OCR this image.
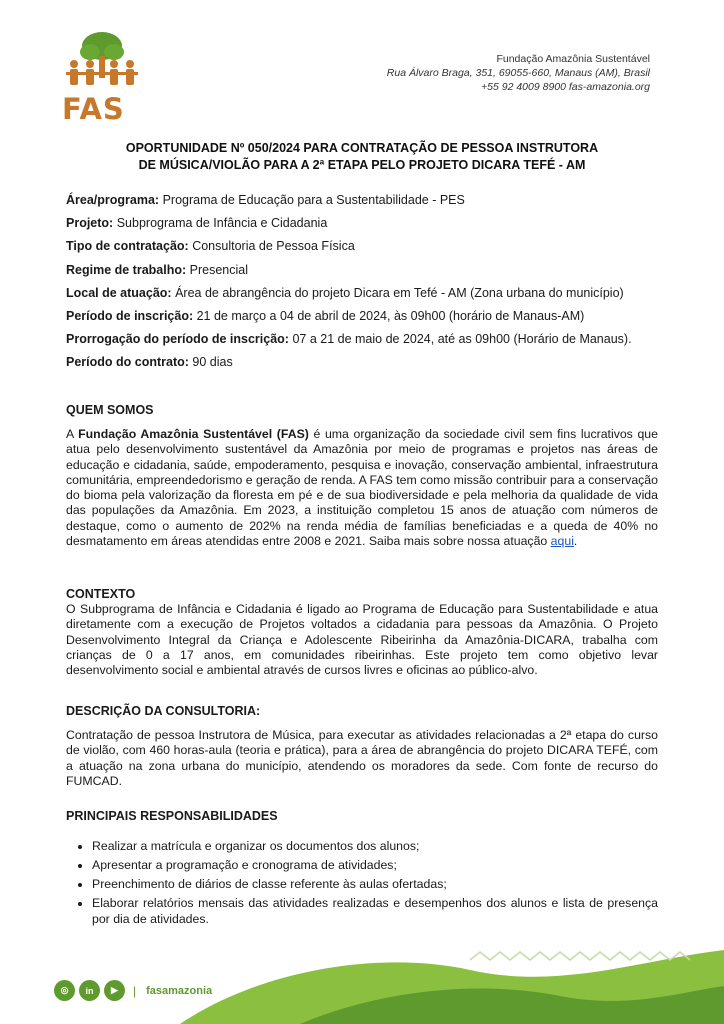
FAS
Fundação Amazônia Sustentável
Rua Álvaro Braga, 351, 69055-660, Manaus (AM), Brasil
+55 92 4009 8900 fas-amazonia.org
OPORTUNIDADE Nº 050/2024 PARA CONTRATAÇÃO DE PESSOA INSTRUTORA
DE MÚSICA/VIOLÃO PARA A 2ª ETAPA PELO PROJETO DICARA TEFÉ - AM
Área/programa: Programa de Educação para a Sustentabilidade - PES
Projeto: Subprograma de Infância e Cidadania
Tipo de contratação: Consultoria de Pessoa Física
Regime de trabalho: Presencial
Local de atuação: Área de abrangência do projeto Dicara em Tefé - AM (Zona urbana do município)
Período de inscrição: 21 de março a 04 de abril de 2024, às 09h00 (horário de Manaus-AM)
Prorrogação do período de inscrição: 07 a 21 de maio de 2024, até as 09h00 (Horário de Manaus).
Período do contrato: 90 dias
QUEM SOMOS
A Fundação Amazônia Sustentável (FAS) é uma organização da sociedade civil sem fins lucrativos que atua pelo desenvolvimento sustentável da Amazônia por meio de programas e projetos nas áreas de educação e cidadania, saúde, empoderamento, pesquisa e inovação, conservação ambiental, infraestrutura comunitária, empreendedorismo e geração de renda. A FAS tem como missão contribuir para a conservação do bioma pela valorização da floresta em pé e de sua biodiversidade e pela melhoria da qualidade de vida das populações da Amazônia. Em 2023, a instituição completou 15 anos de atuação com números de destaque, como o aumento de 202% na renda média de famílias beneficiadas e a queda de 40% no desmatamento em áreas atendidas entre 2008 e 2021. Saiba mais sobre nossa atuação aqui.
CONTEXTO
O Subprograma de Infância e Cidadania é ligado ao Programa de Educação para Sustentabilidade e atua diretamente com a execução de Projetos voltados a cidadania para pessoas da Amazônia. O Projeto Desenvolvimento Integral da Criança e Adolescente Ribeirinha da Amazônia-DICARA, trabalha com crianças de 0 a 17 anos, em comunidades ribeirinhas. Este projeto tem como objetivo levar desenvolvimento social e ambiental através de cursos livres e oficinas ao público-alvo.
DESCRIÇÃO DA CONSULTORIA:
Contratação de pessoa Instrutora de Música, para executar as atividades relacionadas a 2ª etapa do curso de violão, com 460 horas-aula (teoria e prática), para a área de abrangência do projeto DICARA TEFÉ, com a atuação na zona urbana do município, atendendo os moradores da sede. Com fonte de recurso do FUMCAD.
PRINCIPAIS RESPONSABILIDADES
• Realizar a matrícula e organizar os documentos dos alunos;
• Apresentar a programação e cronograma de atividades;
• Preenchimento de diários de classe referente às aulas ofertadas;
• Elaborar relatórios mensais das atividades realizadas e desempenhos dos alunos e lista de presença por dia de atividades.
◎	in	▶	| fasamazonia
